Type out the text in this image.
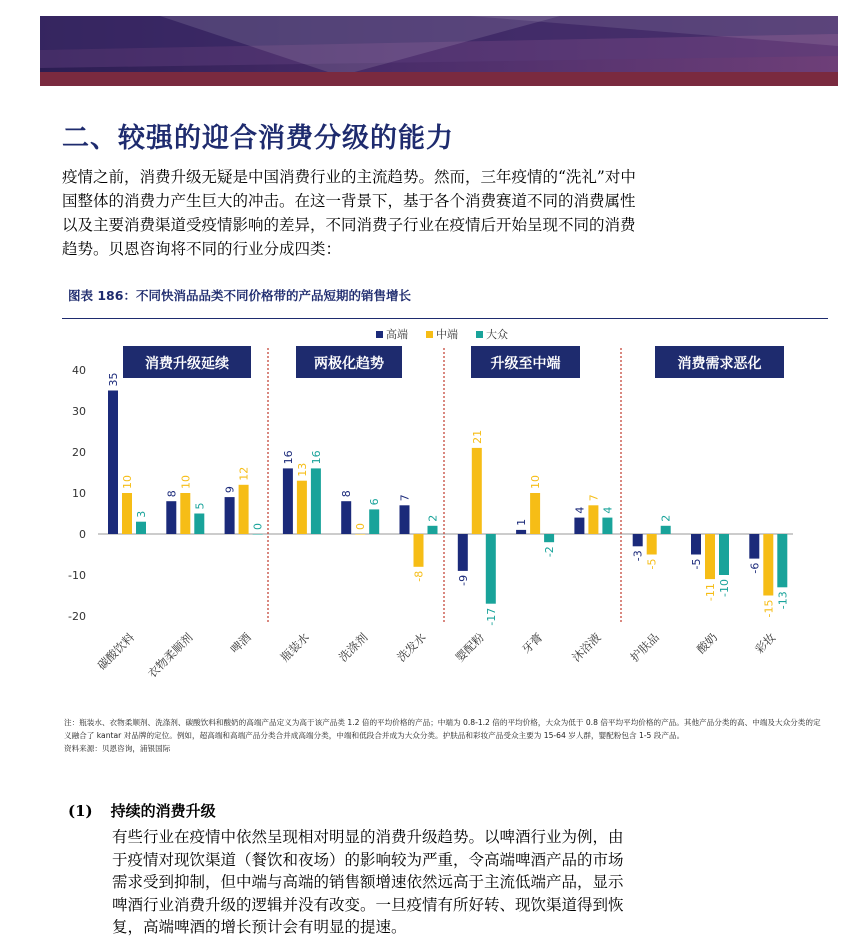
二、较强的迎合消费分级的能力

疫情之前，消费升级无疑是中国消费行业的主流趋势。然而，三年疫情的“洗礼”对中国整体的消费力产生巨大的冲击。在这一背景下，基于各个消费赛道不同的消费属性以及主要消费渠道受疫情影响的差异，不同消费子行业在疫情后开始呈现不同的消费趋势。贝恩咨询将不同的行业分成四类：

图表 186：不同快消品品类不同价格带的产品短期的销售增长

高端	中端	大众
40
30
20
10
0
-10
-20
消费升级延续	两极化趋势	升级至中端	消费需求恶化
35
10
3
碳酸饮料
8
10
5
衣物柔顺剂
9
12
0
啤酒
16
13
16
瓶装水
8
0
6
洗涤剂
7
-8
2
洗发水
-9
21
-17
婴配粉
1
10
-2
牙膏
4
7
4
沐浴液
-3
-5
2
护肤品
-5
-11 -10
酸奶
-6
-15 -13
彩妆

注：瓶装水、衣物柔顺剂、洗涤剂、碳酸饮料和酸奶的高端产品定义为高于该产品类 1.2 倍的平均价格的产品；中端为 0.8-1.2 倍的平均价格，大众为低于 0.8 倍平均平均价格的产品。其他产品分类的高、中端及大众分类的定义融合了 kantar 对品牌的定位。例如，超高端和高端产品分类合并成高端分类，中端和低段合并成为大众分类。护肤品和彩妆产品受众主要为 15-64 岁人群，婴配粉包含 1-5 段产品。

资料来源：贝恩咨询，浦银国际

(1) 持续的消费升级

有些行业在疫情中依然呈现相对明显的消费升级趋势。以啤酒行业为例，由于疫情对现饮渠道（餐饮和夜场）的影响较为严重，令高端啤酒产品的市场需求受到抑制，但中端与高端的销售额增速依然远高于主流低端产品，显示啤酒行业消费升级的逻辑并没有改变。一旦疫情有所好转、现饮渠道得到恢复，高端啤酒的增长预计会有明显的提速。
